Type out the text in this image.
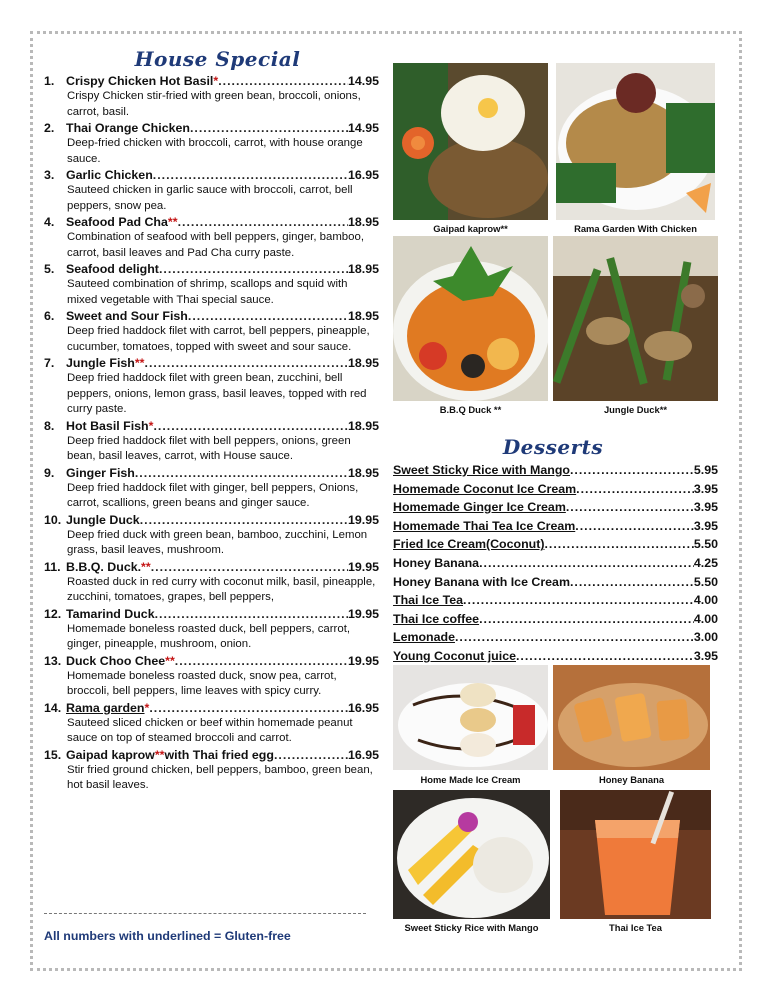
House Special
1. Crispy Chicken Hot Basil * .....	14.95
Crispy Chicken stir-fried with green bean, broccoli, onions, carrot, basil.
2. Thai Orange Chicken .....	14.95
Deep-fried chicken with broccoli, carrot, with house orange sauce.
3. Garlic Chicken .....	16.95
Sauteed chicken in garlic sauce with broccoli, carrot, bell peppers, snow pea.
4. Seafood Pad Cha ** .....	18.95
Combination of seafood with bell peppers, ginger, bamboo, carrot, basil leaves and Pad Cha curry paste.
5. Seafood delight .....	18.95
Sauteed combination of shrimp, scallops and squid with mixed vegetable with Thai special sauce.
6. Sweet and Sour Fish .....	18.95
Deep fried haddock filet with carrot, bell peppers, pineapple, cucumber, tomatoes, topped with sweet and sour sauce.
7. Jungle Fish ** .....	18.95
Deep fried haddock filet with green bean, zucchini, bell peppers, onions, lemon grass, basil leaves, topped with red curry paste.
8. Hot Basil Fish * .....	18.95
Deep fried haddock filet with bell peppers, onions, green bean, basil leaves, carrot, with House sauce.
9. Ginger Fish .....	18.95
Deep fried haddock filet with ginger, bell peppers, Onions, carrot, scallions, green beans and ginger sauce.
10. Jungle Duck .....	19.95
Deep fried duck with green bean, bamboo, zucchini, Lemon grass, basil leaves, mushroom.
11. B.B.Q. Duck. ** .....	19.95
Roasted duck in red curry with coconut milk, basil, pineapple, zucchini, tomatoes, grapes, bell peppers,
12. Tamarind Duck .....	19.95
Homemade boneless roasted duck, bell peppers, carrot, ginger, pineapple, mushroom, onion.
13. Duck Choo Chee ** .....	19.95
Homemade boneless roasted duck, snow pea, carrot, broccoli, bell peppers, lime leaves with spicy curry.
14. Rama garden * .....	16.95
Sauteed sliced chicken or beef within homemade peanut sauce on top of steamed broccoli and carrot.
15. Gaipad kaprow ** with Thai fried egg .....	16.95
Stir fried ground chicken, bell peppers, bamboo, green bean, hot basil leaves.
All numbers with underlined = Gluten-free
Gaipad kaprow**	Rama Garden With Chicken
B.B.Q Duck **	Jungle Duck**
Desserts
Sweet Sticky Rice with Mango .....	5.95
Homemade Coconut Ice Cream .....	3.95
Homemade Ginger Ice Cream .....	3.95
Homemade Thai Tea Ice Cream .....	3.95
Fried Ice Cream(Coconut) .....	5.50
Honey Banana .....	4.25
Honey Banana with Ice Cream .....	5.50
Thai Ice Tea .....	4.00
Thai Ice coffee .....	4.00
Lemonade .....	3.00
Young Coconut juice .....	3.95
Home Made Ice Cream	Honey Banana
Sweet Sticky Rice with Mango	Thai Ice Tea
